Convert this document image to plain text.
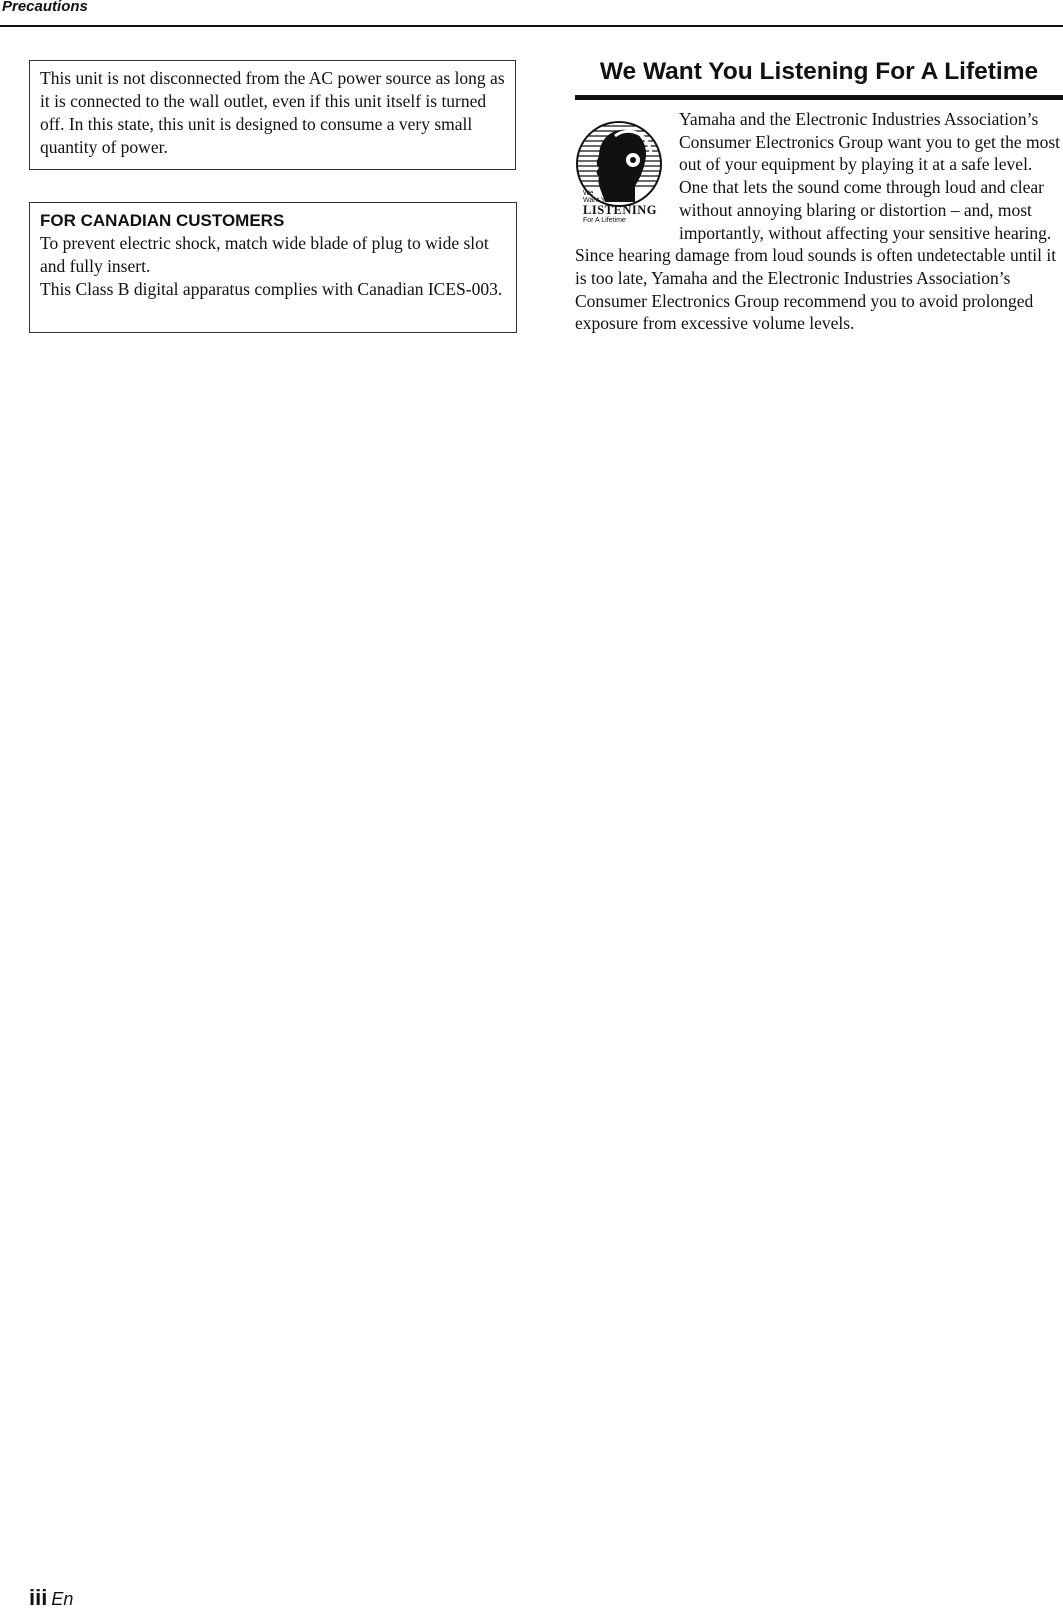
Precautions
This unit is not disconnected from the AC power source as long as it is connected to the wall outlet, even if this unit itself is turned off. In this state, this unit is designed to consume a very small quantity of power.
FOR CANADIAN CUSTOMERS

To prevent electric shock, match wide blade of plug to wide slot and fully insert.

This Class B digital apparatus complies with Canadian ICES-003.

We Want You Listening For A Lifetime
We
Want You
LISTENING
For A Lifetime
Yamaha and the Electronic Industries Association’s Consumer Electronics Group want you to get the most out of your equipment by playing it at a safe level. One that lets the sound come through loud and clear without annoying blaring or distortion – and, most importantly, without affecting your sensitive hearing. Since hearing damage from loud sounds is often undetectable until it is too late, Yamaha and the Electronic Industries Association’s Consumer Electronics Group recommend you to avoid prolonged exposure from excessive volume levels.
iii En
